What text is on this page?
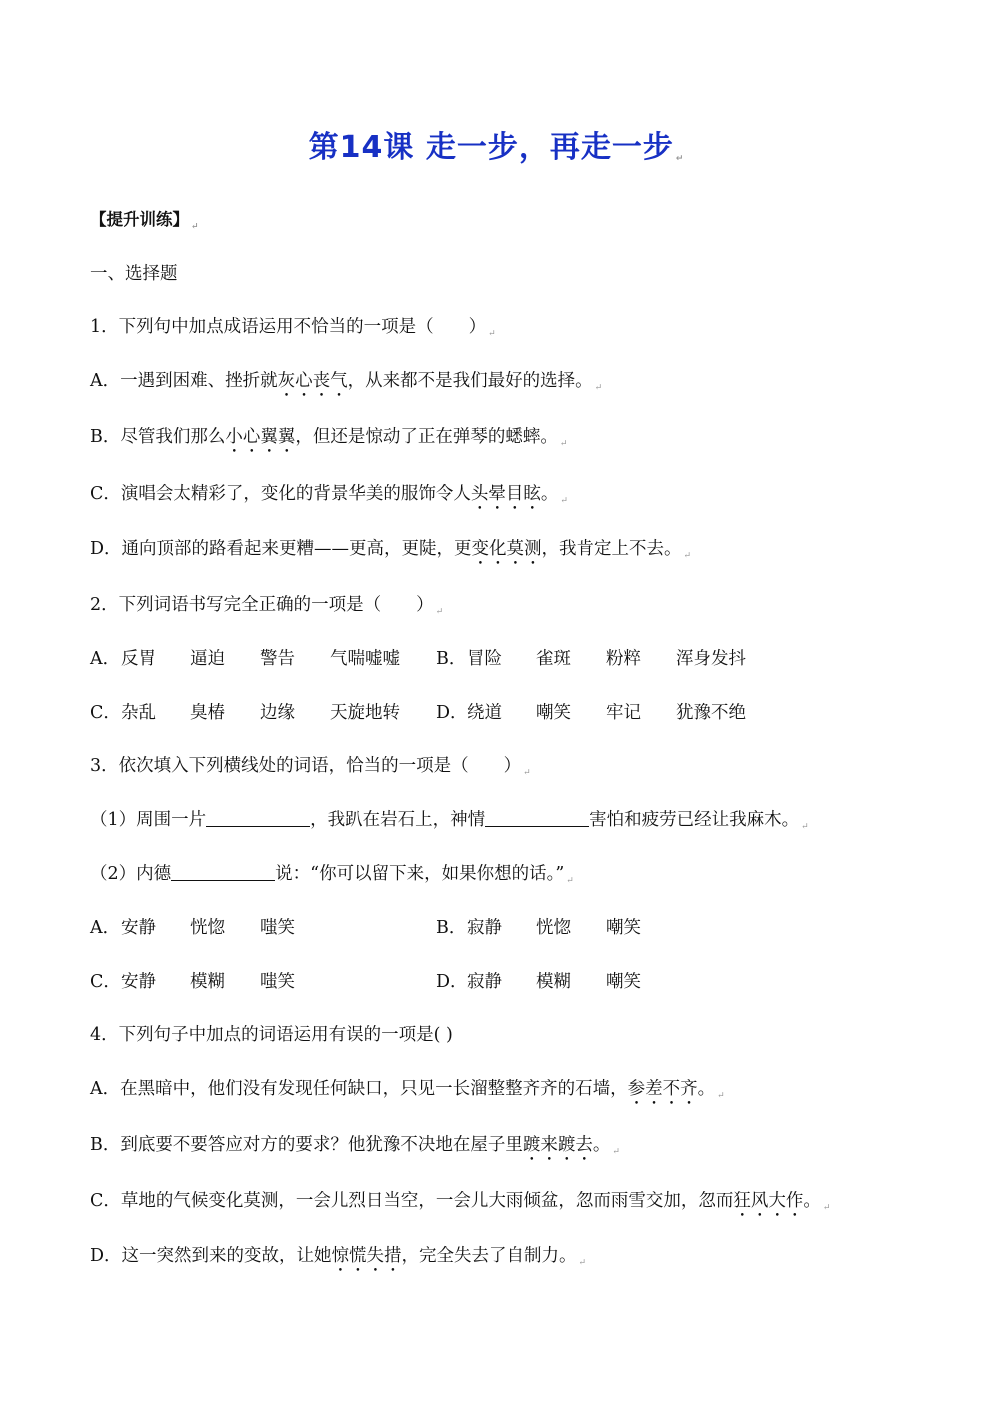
第14课 走一步，再走一步 ↵
【提升训练】 $_↵$
一、选择题
1．下列句中加点成语运用不恰当的一项是（　　） $_↵$
A．一遇到困难、挫折就灰心丧气，从来都不是我们最好的选择。 $_↵$
B．尽管我们那么小心翼翼，但还是惊动了正在弹琴的蟋蟀。 $_↵$
C．演唱会太精彩了，变化的背景华美的服饰令人头晕目眩。 $_↵$
D．通向顶部的路看起来更糟——更高，更陡，更变化莫测，我肯定上不去。 $_↵$
2．下列词语书写完全正确的一项是（　　） $_↵$
A． 反胃 逼迫 警告 气喘嘘嘘 B． 冒险 雀斑 粉粹 浑身发抖
C． 杂乱 臭椿 边缘 天旋地转 D． 绕道 嘲笑 牢记 犹豫不绝
3．依次填入下列横线处的词语，恰当的一项是（　　） $_↵$
（1）周围一片	，我趴在岩石上，神情	害怕和疲劳已经让我麻木。 $_↵$
（2）内德	说：“你可以留下来，如果你想的话。” $_↵$
A． 安静 恍惚 嗤笑	B． 寂静 恍惚 嘲笑
C． 安静 模糊 嗤笑	D． 寂静 模糊 嘲笑
4．下列句子中加点的词语运用有误的一项是( )
A．在黑暗中，他们没有发现任何缺口，只见一长溜整整齐齐的石墙，参差不齐。 $_↵$
B．到底要不要答应对方的要求？他犹豫不决地在屋子里踱来踱去。 $_↵$
C．草地的气候变化莫测，一会儿烈日当空，一会儿大雨倾盆，忽而雨雪交加，忽而狂风大作。 $_↵$
D．这一突然到来的变故，让她惊慌失措，完全失去了自制力。 $_↵$
